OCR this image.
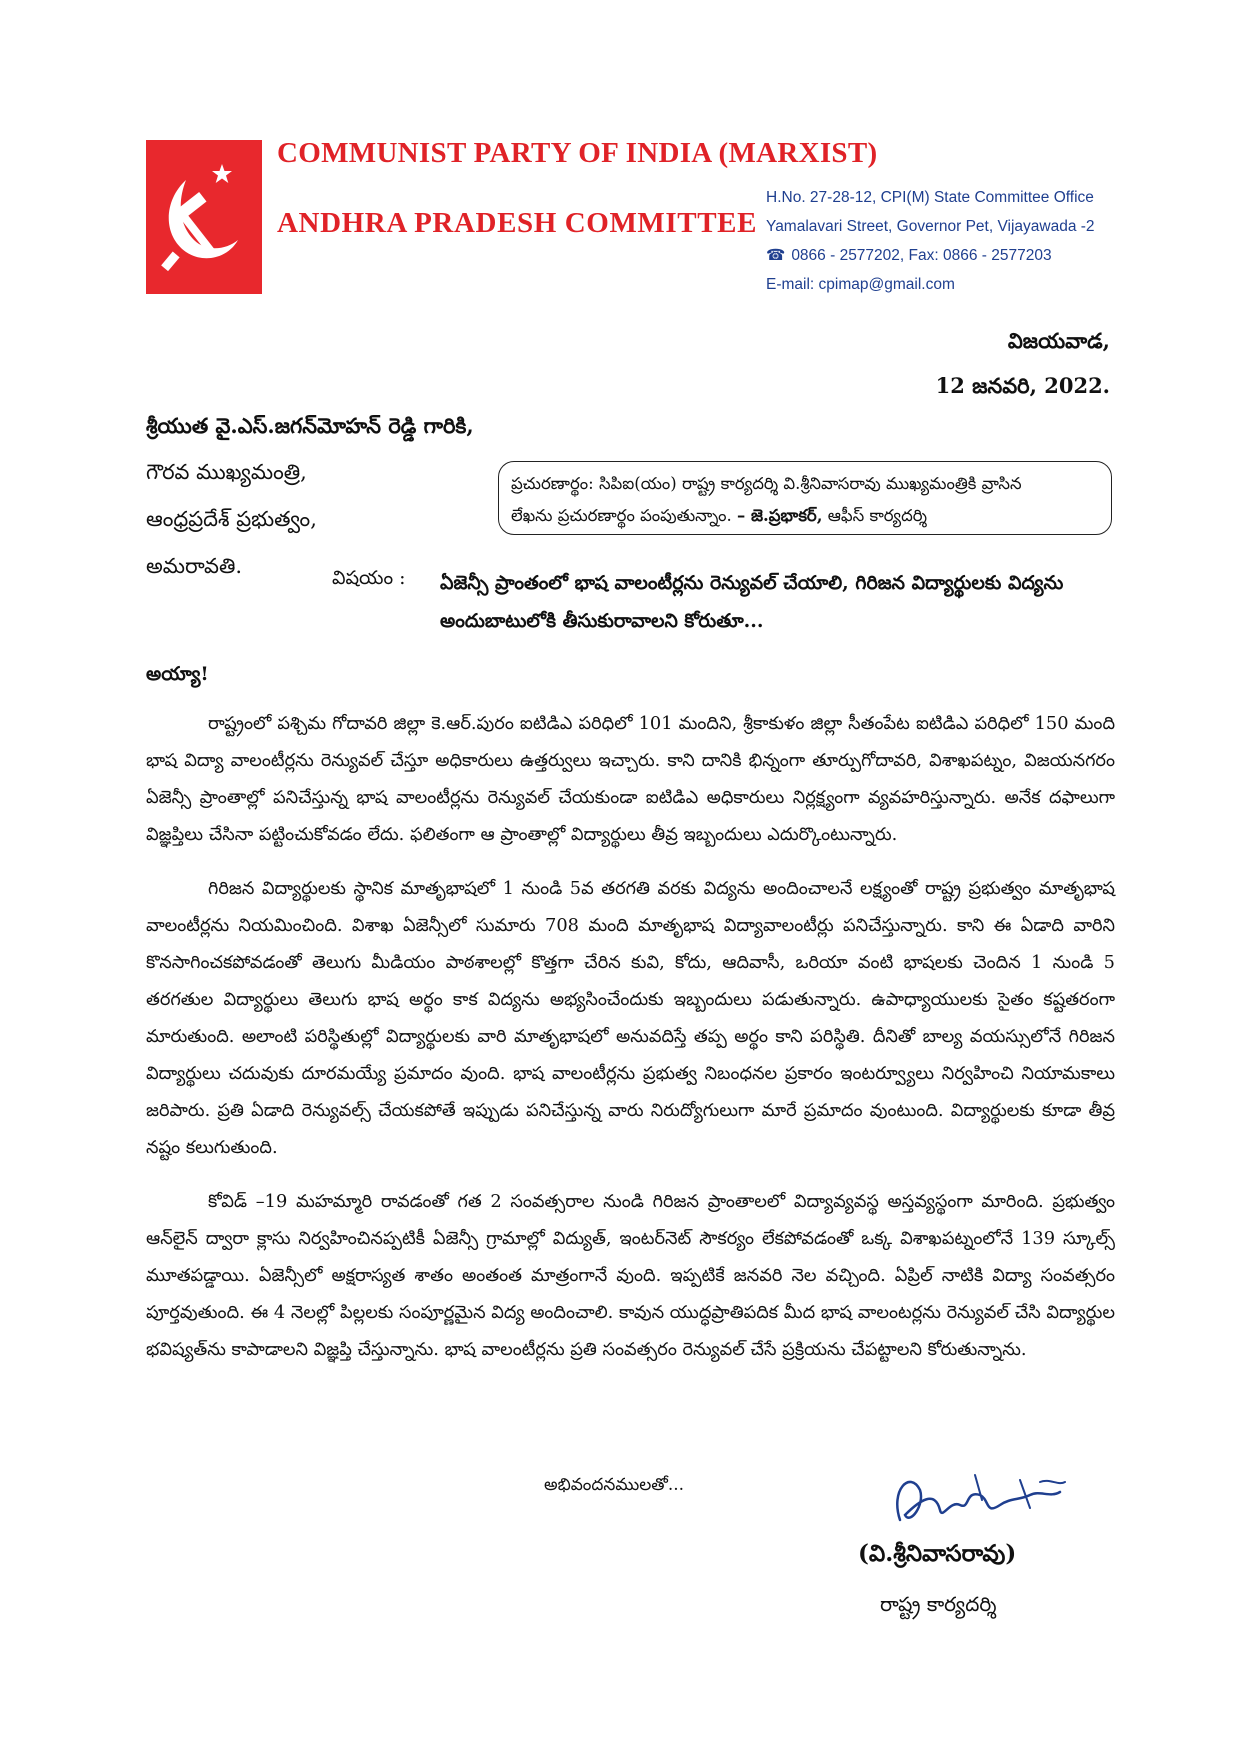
COMMUNIST PARTY OF INDIA (MARXIST)
ANDHRA PRADESH COMMITTEE
H.No. 27-28-12, CPI(M) State Committee Office
Yamalavari Street, Governor Pet, Vijayawada -2
☎ 0866 - 2577202, Fax: 0866 - 2577203
E-mail: cpimap@gmail.com
విజయవాడ,
12 జనవరి, 2022.
శ్రీయుత వై.ఎస్.జగన్‌మోహన్ రెడ్డి గారికి,
గౌరవ ముఖ్యమంత్రి,
ఆంధ్రప్రదేశ్ ప్రభుత్వం,
అమరావతి.
ప్రచురణార్థం: సిపిఐ(యం) రాష్ట్ర కార్యదర్శి వి.శ్రీనివాసరావు ముఖ్యమంత్రికి వ్రాసిన
లేఖను ప్రచురణార్థం పంపుతున్నాం. – జె.ప్రభాకర్, ఆఫీస్ కార్యదర్శి
విషయం : ఏజెన్సీ ప్రాంతంలో భాష వాలంటీర్లను రెన్యువల్ చేయాలి, గిరిజన విద్యార్థులకు విద్యను అందుబాటులోకి తీసుకురావాలని కోరుతూ...
అయ్యా!

రాష్ట్రంలో పశ్చిమ గోదావరి జిల్లా కె.ఆర్.పురం ఐటిడిఎ పరిధిలో 101 మందిని, శ్రీకాకుళం జిల్లా సీతంపేట ఐటిడిఎ పరిధిలో 150 మంది భాష విద్యా వాలంటీర్లను రెన్యువల్ చేస్తూ అధికారులు ఉత్తర్వులు ఇచ్చారు. కాని దానికి భిన్నంగా తూర్పుగోదావరి, విశాఖపట్నం, విజయనగరం ఏజెన్సీ ప్రాంతాల్లో పనిచేస్తున్న భాష వాలంటీర్లను రెన్యువల్ చేయకుండా ఐటిడిఎ అధికారులు నిర్లక్ష్యంగా వ్యవహరిస్తున్నారు. అనేక దఫాలుగా విజ్ఞప్తిలు చేసినా పట్టించుకోవడం లేదు. ఫలితంగా ఆ ప్రాంతాల్లో విద్యార్థులు తీవ్ర ఇబ్బందులు ఎదుర్కొంటున్నారు.

గిరిజన విద్యార్థులకు స్థానిక మాతృభాషలో 1 నుండి 5వ తరగతి వరకు విద్యను అందించాలనే లక్ష్యంతో రాష్ట్ర ప్రభుత్వం మాతృభాష వాలంటీర్లను నియమించింది. విశాఖ ఏజెన్సీలో సుమారు 708 మంది మాతృభాష విద్యావాలంటీర్లు పనిచేస్తున్నారు. కాని ఈ ఏడాది వారిని కొనసాగించకపోవడంతో తెలుగు మీడియం పాఠశాలల్లో కొత్తగా చేరిన కువి, కోదు, ఆదివాసీ, ఒరియా వంటి భాషలకు చెందిన 1 నుండి 5 తరగతుల విద్యార్థులు తెలుగు భాష అర్థం కాక విద్యను అభ్యసించేందుకు ఇబ్బందులు పడుతున్నారు. ఉపాధ్యాయులకు సైతం కష్టతరంగా మారుతుంది. అలాంటి పరిస్థితుల్లో విద్యార్థులకు వారి మాతృభాషలో అనువదిస్తే తప్ప అర్థం కాని పరిస్థితి. దీనితో బాల్య వయస్సులోనే గిరిజన విద్యార్థులు చదువుకు దూరమయ్యే ప్రమాదం వుంది. భాష వాలంటీర్లను ప్రభుత్వ నిబంధనల ప్రకారం ఇంటర్వ్యూలు నిర్వహించి నియామకాలు జరిపారు. ప్రతి ఏడాది రెన్యువల్స్ చేయకపోతే ఇప్పుడు పనిచేస్తున్న వారు నిరుద్యోగులుగా మారే ప్రమాదం వుంటుంది. విద్యార్థులకు కూడా తీవ్ర నష్టం కలుగుతుంది.

కోవిడ్ –19 మహమ్మారి రావడంతో గత 2 సంవత్సరాల నుండి గిరిజన ప్రాంతాలలో విద్యావ్యవస్థ అస్తవ్యస్థంగా మారింది. ప్రభుత్వం ఆన్‌లైన్ ద్వారా క్లాసు నిర్వహించినప్పటికీ ఏజెన్సీ గ్రామాల్లో విద్యుత్, ఇంటర్‌నెట్ సౌకర్యం లేకపోవడంతో ఒక్క విశాఖపట్నంలోనే 139 స్కూల్స్ మూతపడ్డాయి. ఏజెన్సీలో అక్షరాస్యత శాతం అంతంత మాత్రంగానే వుంది. ఇప్పటికే జనవరి నెల వచ్చింది. ఏప్రిల్ నాటికి విద్యా సంవత్సరం పూర్తవుతుంది. ఈ 4 నెలల్లో పిల్లలకు సంపూర్ణమైన విద్య అందించాలి. కావున యుద్ధప్రాతిపదిక మీద భాష వాలంటర్లను రెన్యువల్ చేసి విద్యార్థుల భవిష్యత్‌ను కాపాడాలని విజ్ఞప్తి చేస్తున్నాను. భాష వాలంటీర్లను ప్రతి సంవత్సరం రెన్యువల్ చేసే ప్రక్రియను చేపట్టాలని కోరుతున్నాను.

అభివందనములతో...
(వి.శ్రీనివాసరావు)
రాష్ట్ర కార్యదర్శి
